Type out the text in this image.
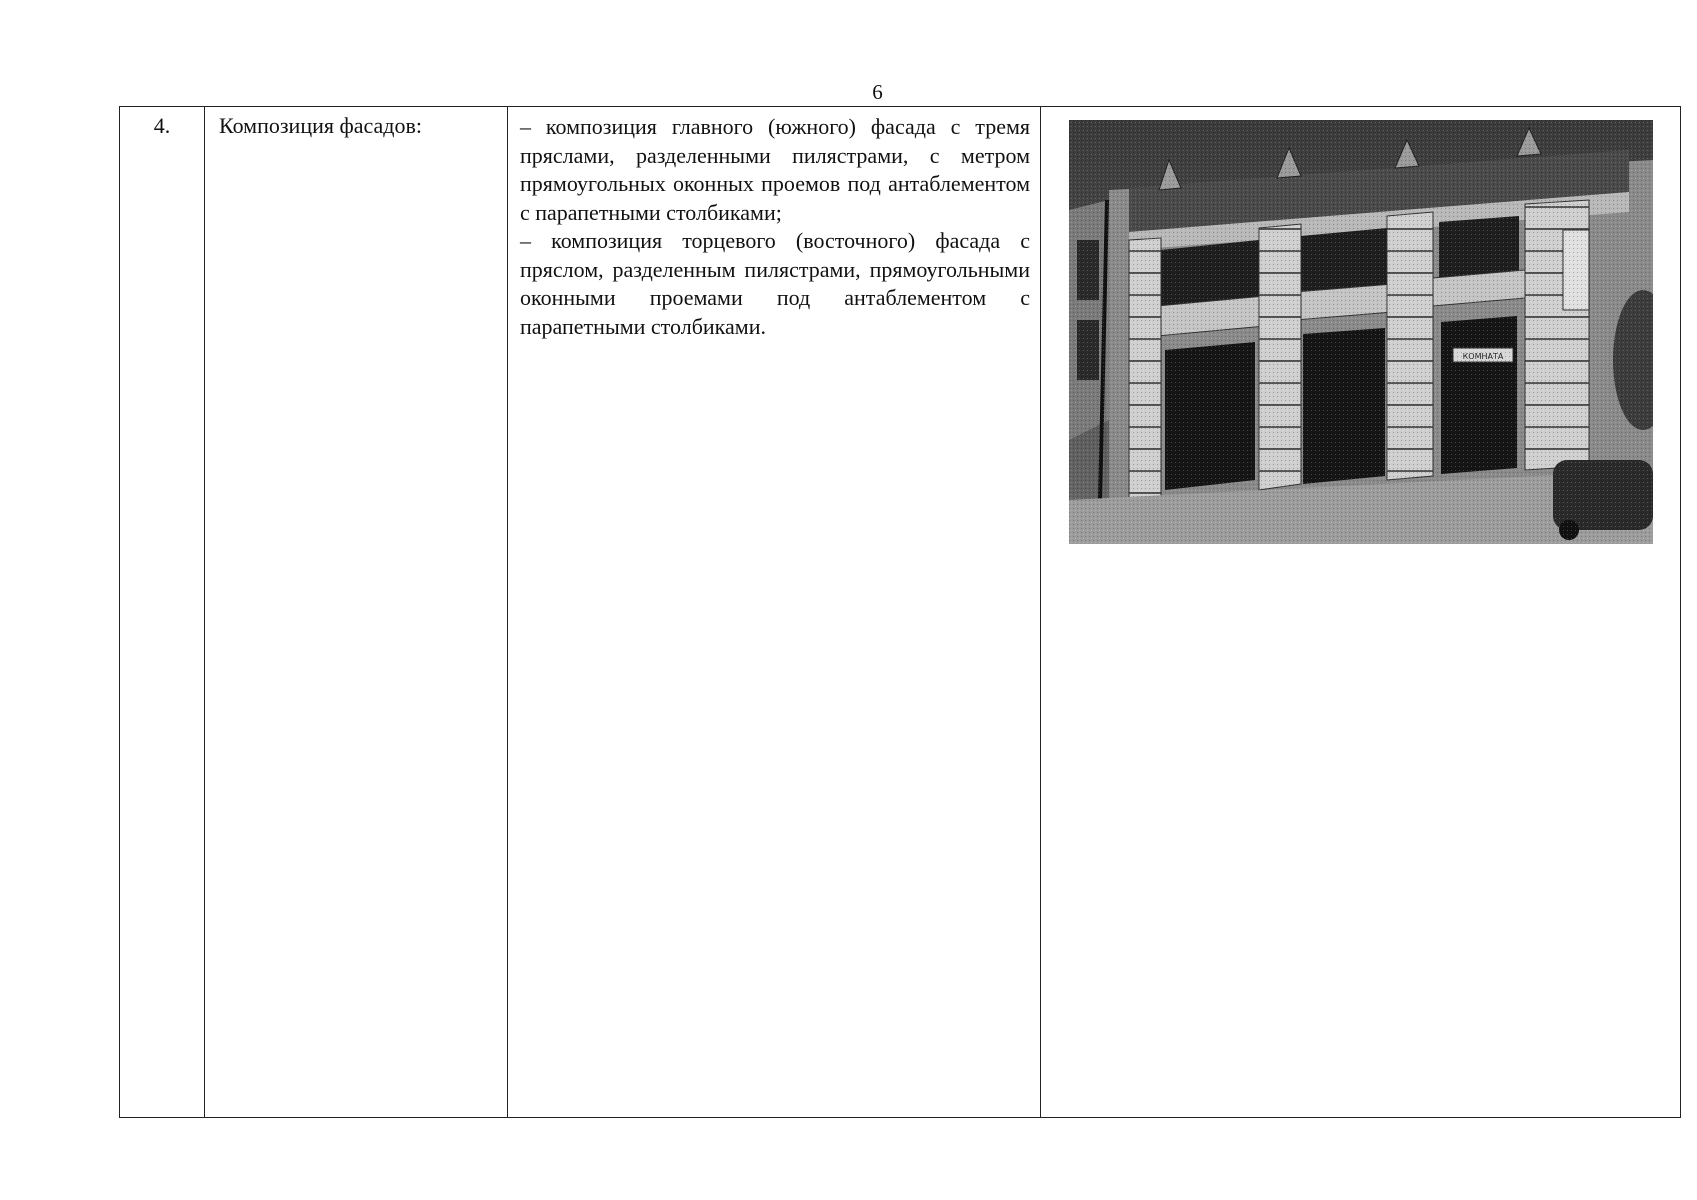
6
4.	Композиция фасадов:	– композиция главного (южного) фасада с тремя пряслами, разделенными пилястрами, с метром прямоугольных оконных проемов под антаблементом с парапетными столбиками;

– композиция торцевого (восточного) фасада с пряслом, разделенным пилястрами, прямоугольными оконными проемами под антаблементом с парапетными столбиками.
